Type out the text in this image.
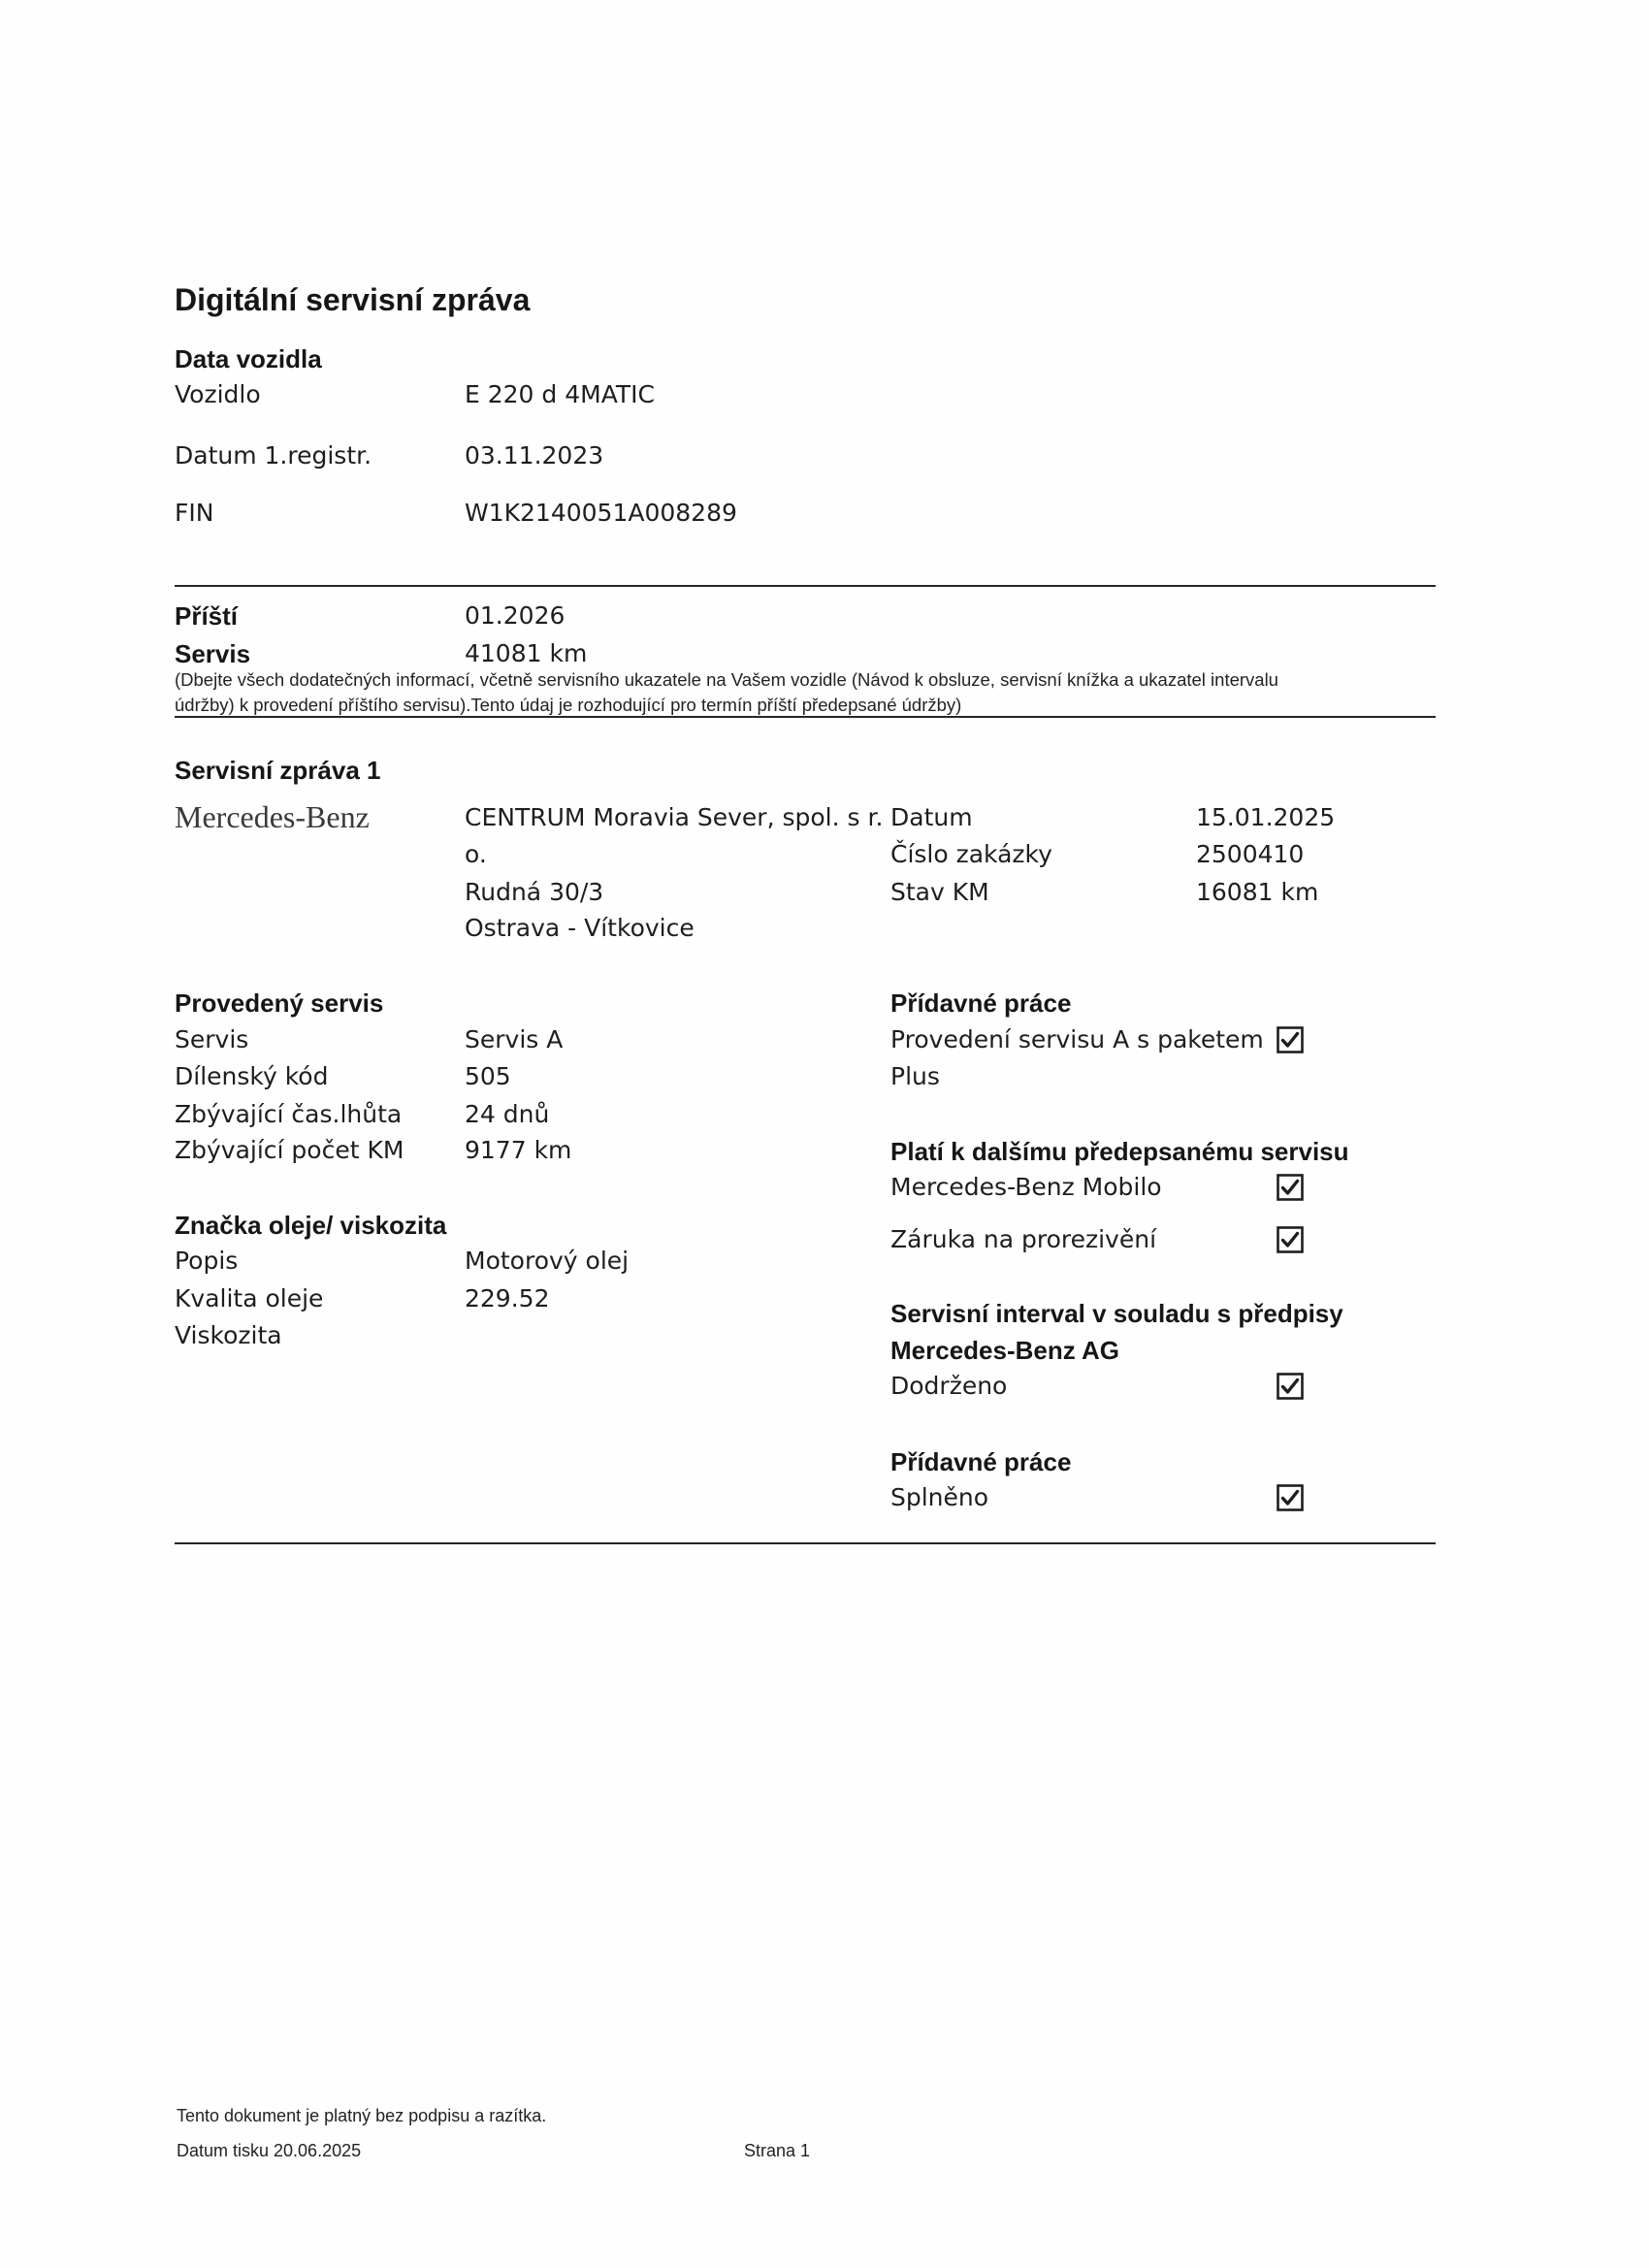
Digitální servisní zpráva
Data vozidla
Vozidlo	E 220 d 4MATIC
Datum 1.registr.	03.11.2023
FIN	W1K2140051A008289
Příští	01.2026
Servis	41081 km
(Dbejte všech dodatečných informací, včetně servisního ukazatele na Vašem vozidle (Návod k obsluze, servisní knížka a ukazatel intervalu
údržby) k provedení příštího servisu).Tento údaj je rozhodující pro termín příští předepsané údržby)
Servisní zpráva 1
Mercedes-Benz	CENTRUM Moravia Sever, spol. s r.
o.
Rudná 30/3
Ostrava - Vítkovice
Datum	15.01.2025
Číslo zakázky	2500410
Stav KM	16081 km
Provedený servis
Servis	Servis A
Dílenský kód	505
Zbývající čas.lhůta	24 dnů
Zbývající počet KM	9177 km
Značka oleje/ viskozita
Popis	Motorový olej
Kvalita oleje	229.52
Viskozita
Přídavné práce
Provedení servisu A s paketem
Plus
Platí k dalšímu předepsanému servisu
Mercedes-Benz Mobilo
Záruka na prorezivění
Servisní interval v souladu s předpisy
Mercedes-Benz AG
Dodrženo
Přídavné práce
Splněno
Tento dokument je platný bez podpisu a razítka.
Datum tisku 20.06.2025	Strana 1
